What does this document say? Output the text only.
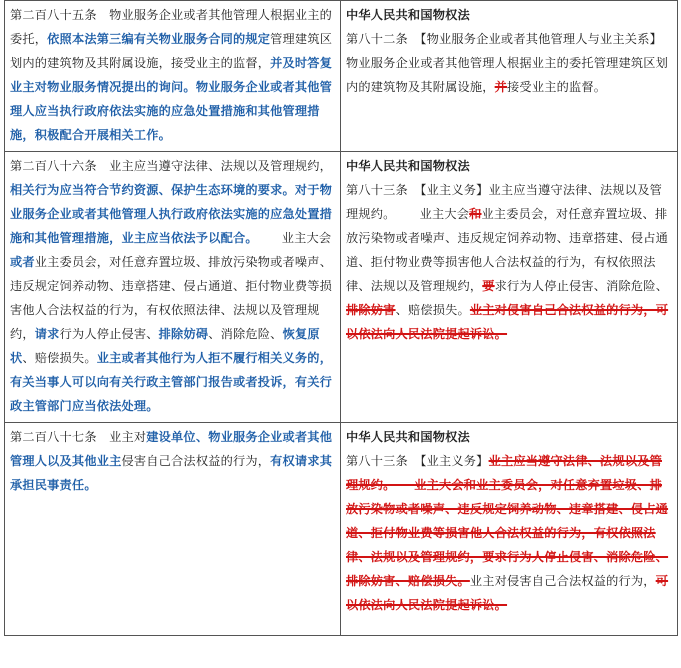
第二百八十五条　物业服务企业或者其他管理人根据业主的委托，依照本法第三编有关物业服务合同的规定管理建筑区划内的建筑物及其附属设施，接受业主的监督，并及时答复业主对物业服务情况提出的询问。物业服务企业或者其他管理人应当执行政府依法实施的应急处置措施和其他管理措施，积极配合开展相关工作。	中华人民共和国物权法
第八十二条　【物业服务企业或者其他管理人与业主关系】物业服务企业或者其他管理人根据业主的委托管理建筑区划内的建筑物及其附属设施，并接受业主的监督。

第二百八十六条　业主应当遵守法律、法规以及管理规约，相关行为应当符合节约资源、保护生态环境的要求。对于物业服务企业或者其他管理人执行政府依法实施的应急处置措施和其他管理措施，业主应当依法予以配合。 业主大会或者业主委员会，对任意弃置垃圾、排放污染物或者噪声、违反规定饲养动物、违章搭建、侵占通道、拒付物业费等损害他人合法权益的行为，有权依照法律、法规以及管理规约，请求行为人停止侵害、排除妨碍、消除危险、恢复原状、赔偿损失。业主或者其他行为人拒不履行相关义务的，有关当事人可以向有关行政主管部门报告或者投诉，有关行政主管部门应当依法处理。	中华人民共和国物权法
第八十三条　【业主义务】业主应当遵守法律、法规以及管理规约。 业主大会和业主委员会，对任意弃置垃圾、排放污染物或者噪声、违反规定饲养动物、违章搭建、侵占通道、拒付物业费等损害他人合法权益的行为，有权依照法律、法规以及管理规约，要求行为人停止侵害、消除危险、排除妨害、赔偿损失。业主对侵害自己合法权益的行为，可以依法向人民法院提起诉讼。

第二百八十七条　业主对建设单位、物业服务企业或者其他管理人以及其他业主侵害自己合法权益的行为，有权请求其承担民事责任。	中华人民共和国物权法
第八十三条　【业主义务】业主应当遵守法律、法规以及管理规约。　　业主大会和业主委员会，对任意弃置垃圾、排放污染物或者噪声、违反规定饲养动物、违章搭建、侵占通道、拒付物业费等损害他人合法权益的行为，有权依照法律、法规以及管理规约，要求行为人停止侵害、消除危险、排除妨害、赔偿损失。业主对侵害自己合法权益的行为，可以依法向人民法院提起诉讼。
